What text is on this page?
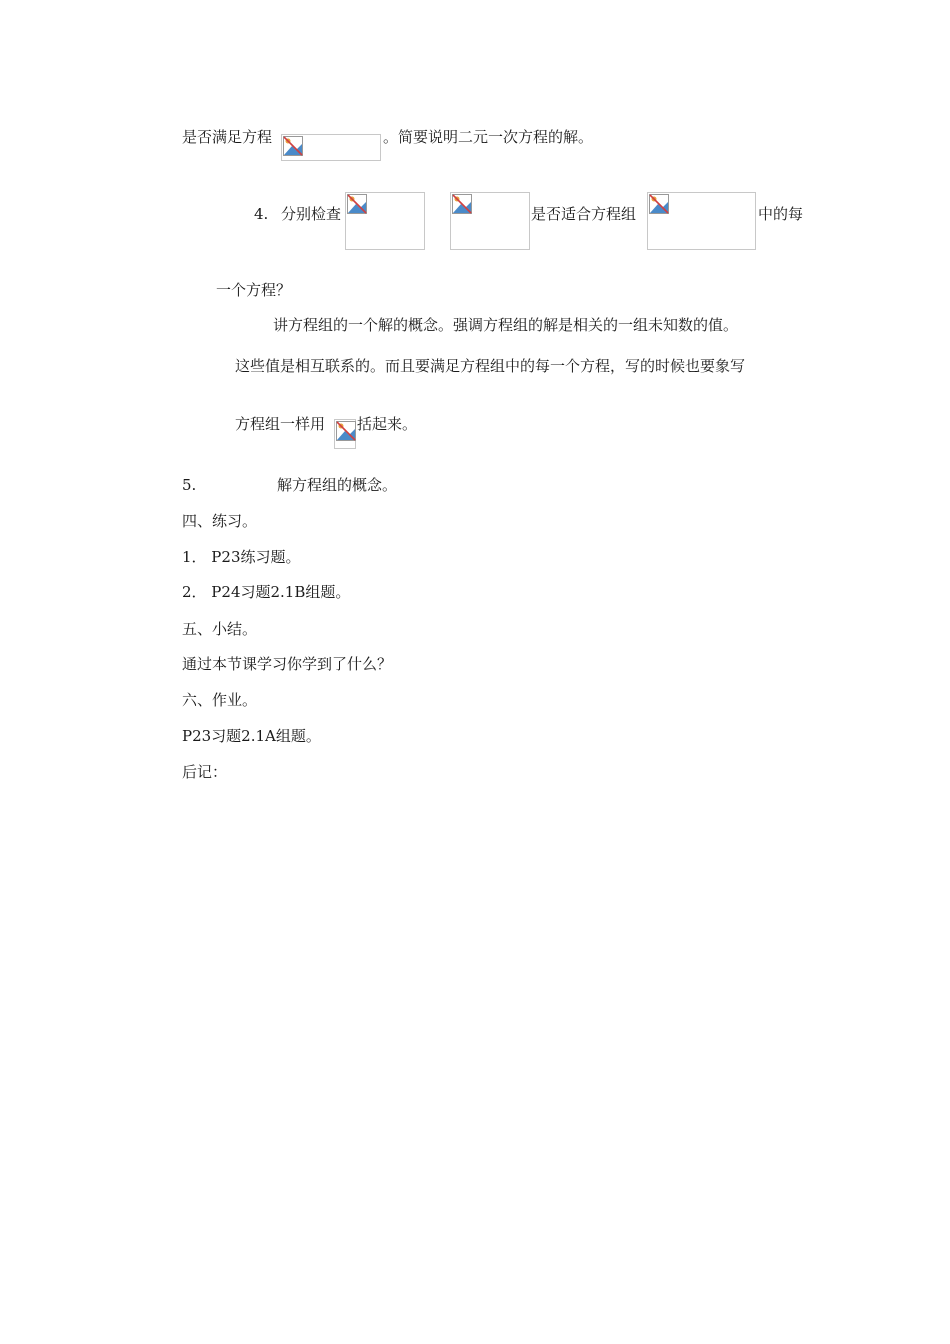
是否满足方程	。简要说明二元一次方程的解。
4. 分别检查	是否适合方程组	中的每
一个方程？
讲方程组的一个解的概念。强调方程组的解是相关的一组未知数的值。
这些值是相互联系的。而且要满足方程组中的每一个方程，写的时候也要象写
方程组一样用 括起来。
5.	解方程组的概念。
四、练习。
1． P23练习题。
2． P24习题2.1B组题。
五、小结。
通过本节课学习你学到了什么？
六、作业。
P23习题2.1A组题。
后记：
